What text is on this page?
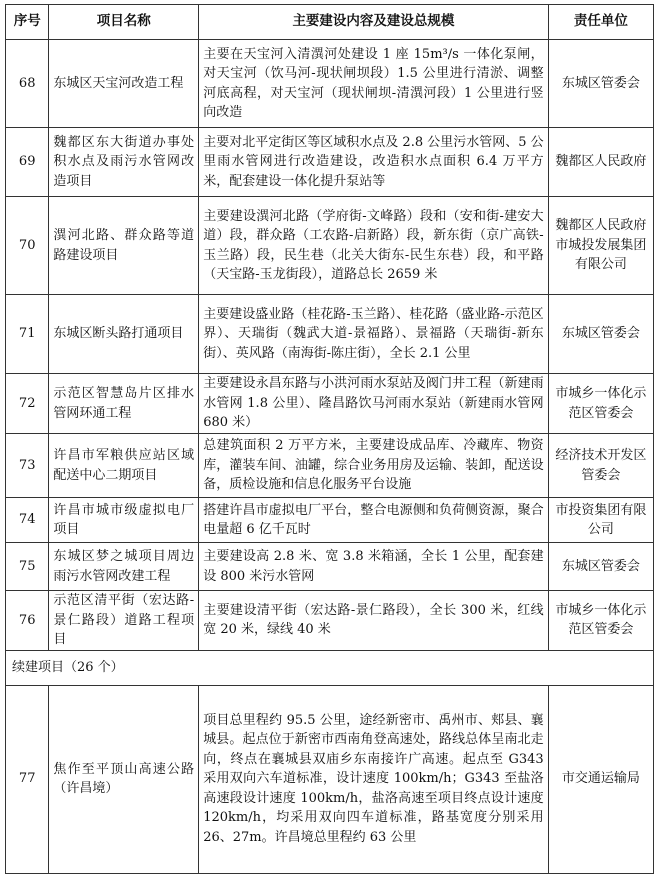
序号	项目名称	主要建设内容及建设总规模	责任单位
68	东城区天宝河改造工程	主要在天宝河入清潩河处建设 1 座 15m³/s 一体化泵闸，对天宝河（饮马河-现状闸坝段）1.5 公里进行清淤、调整河底高程，对天宝河（现状闸坝-清潩河段）1 公里进行竖向改造	东城区管委会
69	魏都区东大街道办事处积水点及雨污水管网改造项目	主要对北平定街区等区域积水点及 2.8 公里污水管网、5 公里雨水管网进行改造建设，改造积水点面积 6.4 万平方米，配套建设一体化提升泵站等	魏都区人民政府
70	潩河北路、群众路等道路建设项目	主要建设潩河北路（学府街-文峰路）段和（安和街-建安大道）段，群众路（工农路-启新路）段，新东街（京广高铁-玉兰路）段，民生巷（北关大街东-民生东巷）段，和平路（天宝路-玉龙街段），道路总长 2659 米	魏都区人民政府市城投发展集团有限公司
71	东城区断头路打通项目	主要建设盛业路（桂花路-玉兰路）、桂花路（盛业路-示范区界）、天瑞街（魏武大道-景福路）、景福路（天瑞街-新东街）、英风路（南海街-陈庄街），全长 2.1 公里	东城区管委会
72	示范区智慧岛片区排水管网环通工程	主要建设永昌东路与小洪河雨水泵站及阀门井工程（新建雨水管网 1.8 公里）、隆昌路饮马河雨水泵站（新建雨水管网 680 米）	市城乡一体化示范区管委会
73	许昌市军粮供应站区域配送中心二期项目	总建筑面积 2 万平方米，主要建设成品库、冷藏库、物资库，灌装车间、油罐，综合业务用房及运输、装卸，配送设备，质检设施和信息化服务平台设施	经济技术开发区管委会
74	许昌市城市级虚拟电厂项目	搭建许昌市虚拟电厂平台，整合电源侧和负荷侧资源，聚合电量超 6 亿千瓦时	市投资集团有限公司
75	东城区梦之城项目周边雨污水管网改建工程	主要建设高 2.8 米、宽 3.8 米箱涵，全长 1 公里，配套建设 800 米污水管网	东城区管委会
76	示范区清平街（宏达路-景仁路段）道路工程项目	主要建设清平街（宏达路-景仁路段），全长 300 米，红线宽 20 米，绿线 40 米	市城乡一体化示范区管委会
续建项目（26 个）			
77	焦作至平顶山高速公路（许昌境）	项目总里程约 95.5 公里，途经新密市、禹州市、郏县、襄城县。起点位于新密市西南角登高速处，路线总体呈南北走向，终点在襄城县双庙乡东南接许广高速。起点至 G343 采用双向六车道标准，设计速度 100km/h；G343 至盐洛高速段设计速度 100km/h，盐洛高速至项目终点设计速度 120km/h，均采用双向四车道标准，路基宽度分别采用 26、27m。许昌境总里程约 63 公里	市交通运输局
